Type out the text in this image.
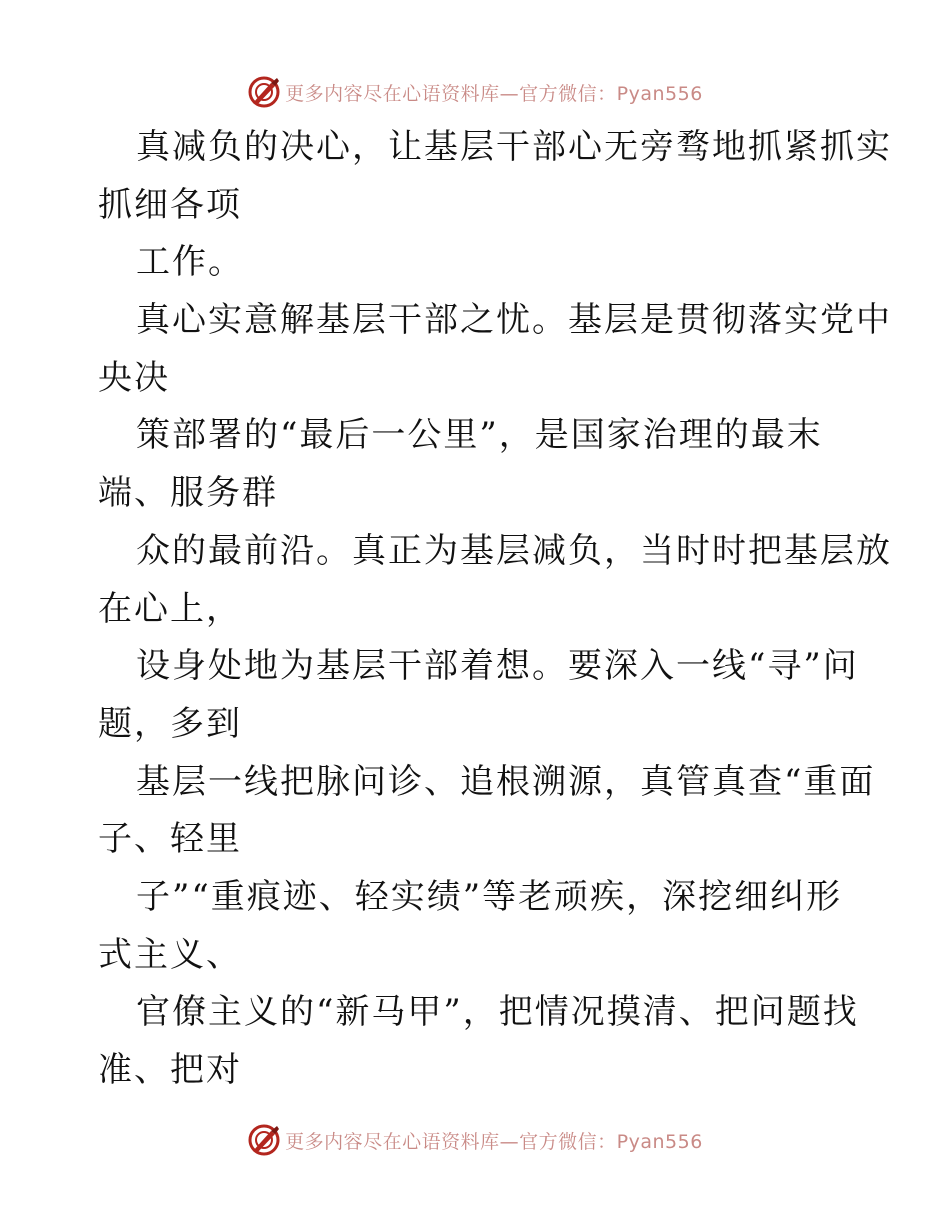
更多内容尽在心语资料库—官方微信：Pyan556
真减负的决心，让基层干部心无旁骛地抓紧抓实
抓细各项
工作。
真心实意解基层干部之忧。基层是贯彻落实党中
央决
策部署的“最后一公里”，是国家治理的最末
端、服务群
众的最前沿。真正为基层减负，当时时把基层放
在心上，
设身处地为基层干部着想。要深入一线“寻”问
题，多到
基层一线把脉问诊、追根溯源，真管真查“重面
子、轻里
子”“重痕迹、轻实绩”等老顽疾，深挖细纠形
式主义、
官僚主义的“新马甲”，把情况摸清、把问题找
准、把对
更多内容尽在心语资料库—官方微信：Pyan556
